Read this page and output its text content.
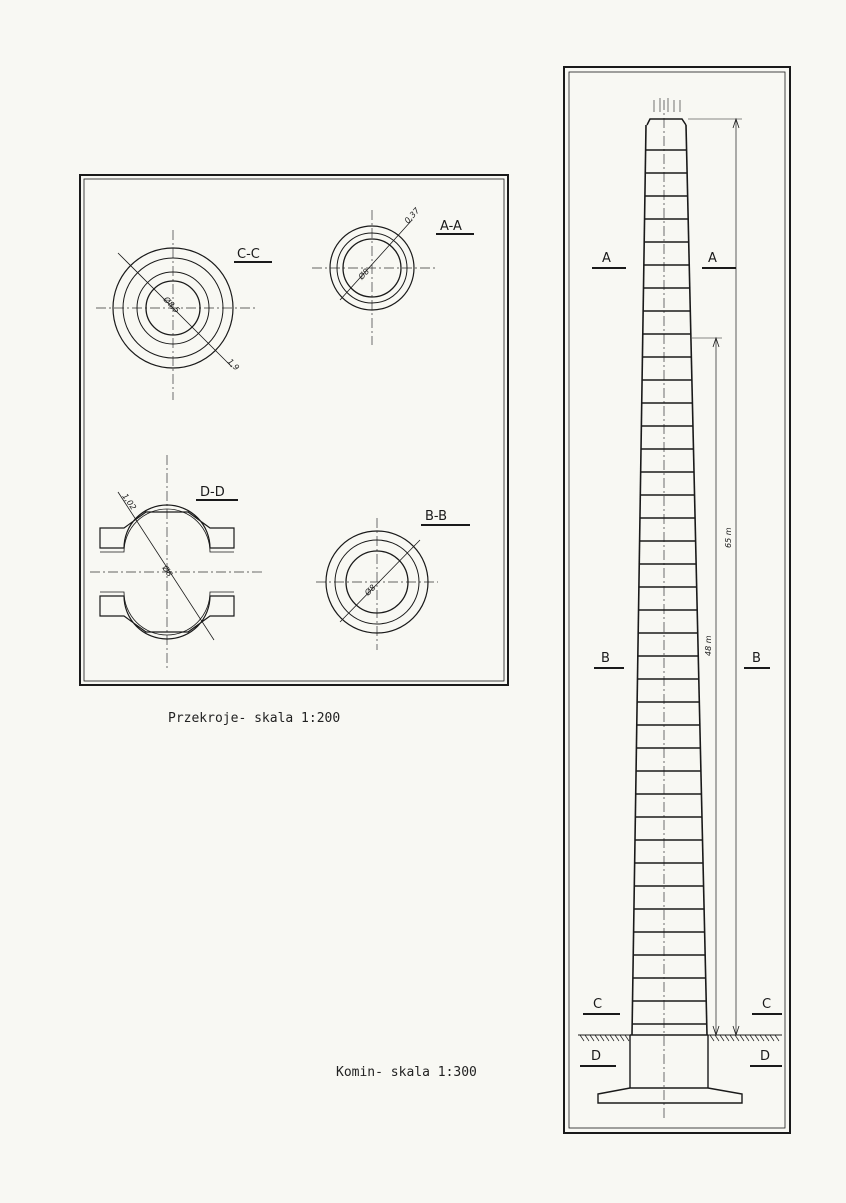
C-C
Ø8,5
1,9
A-A
Ø8
0,37
D-D
Ø8
1,02
B-B
Ø8
Przekroje- skala 1:200
65 m
48 m
A	A
B	B
C	C
D	D
Komin- skala 1:300
